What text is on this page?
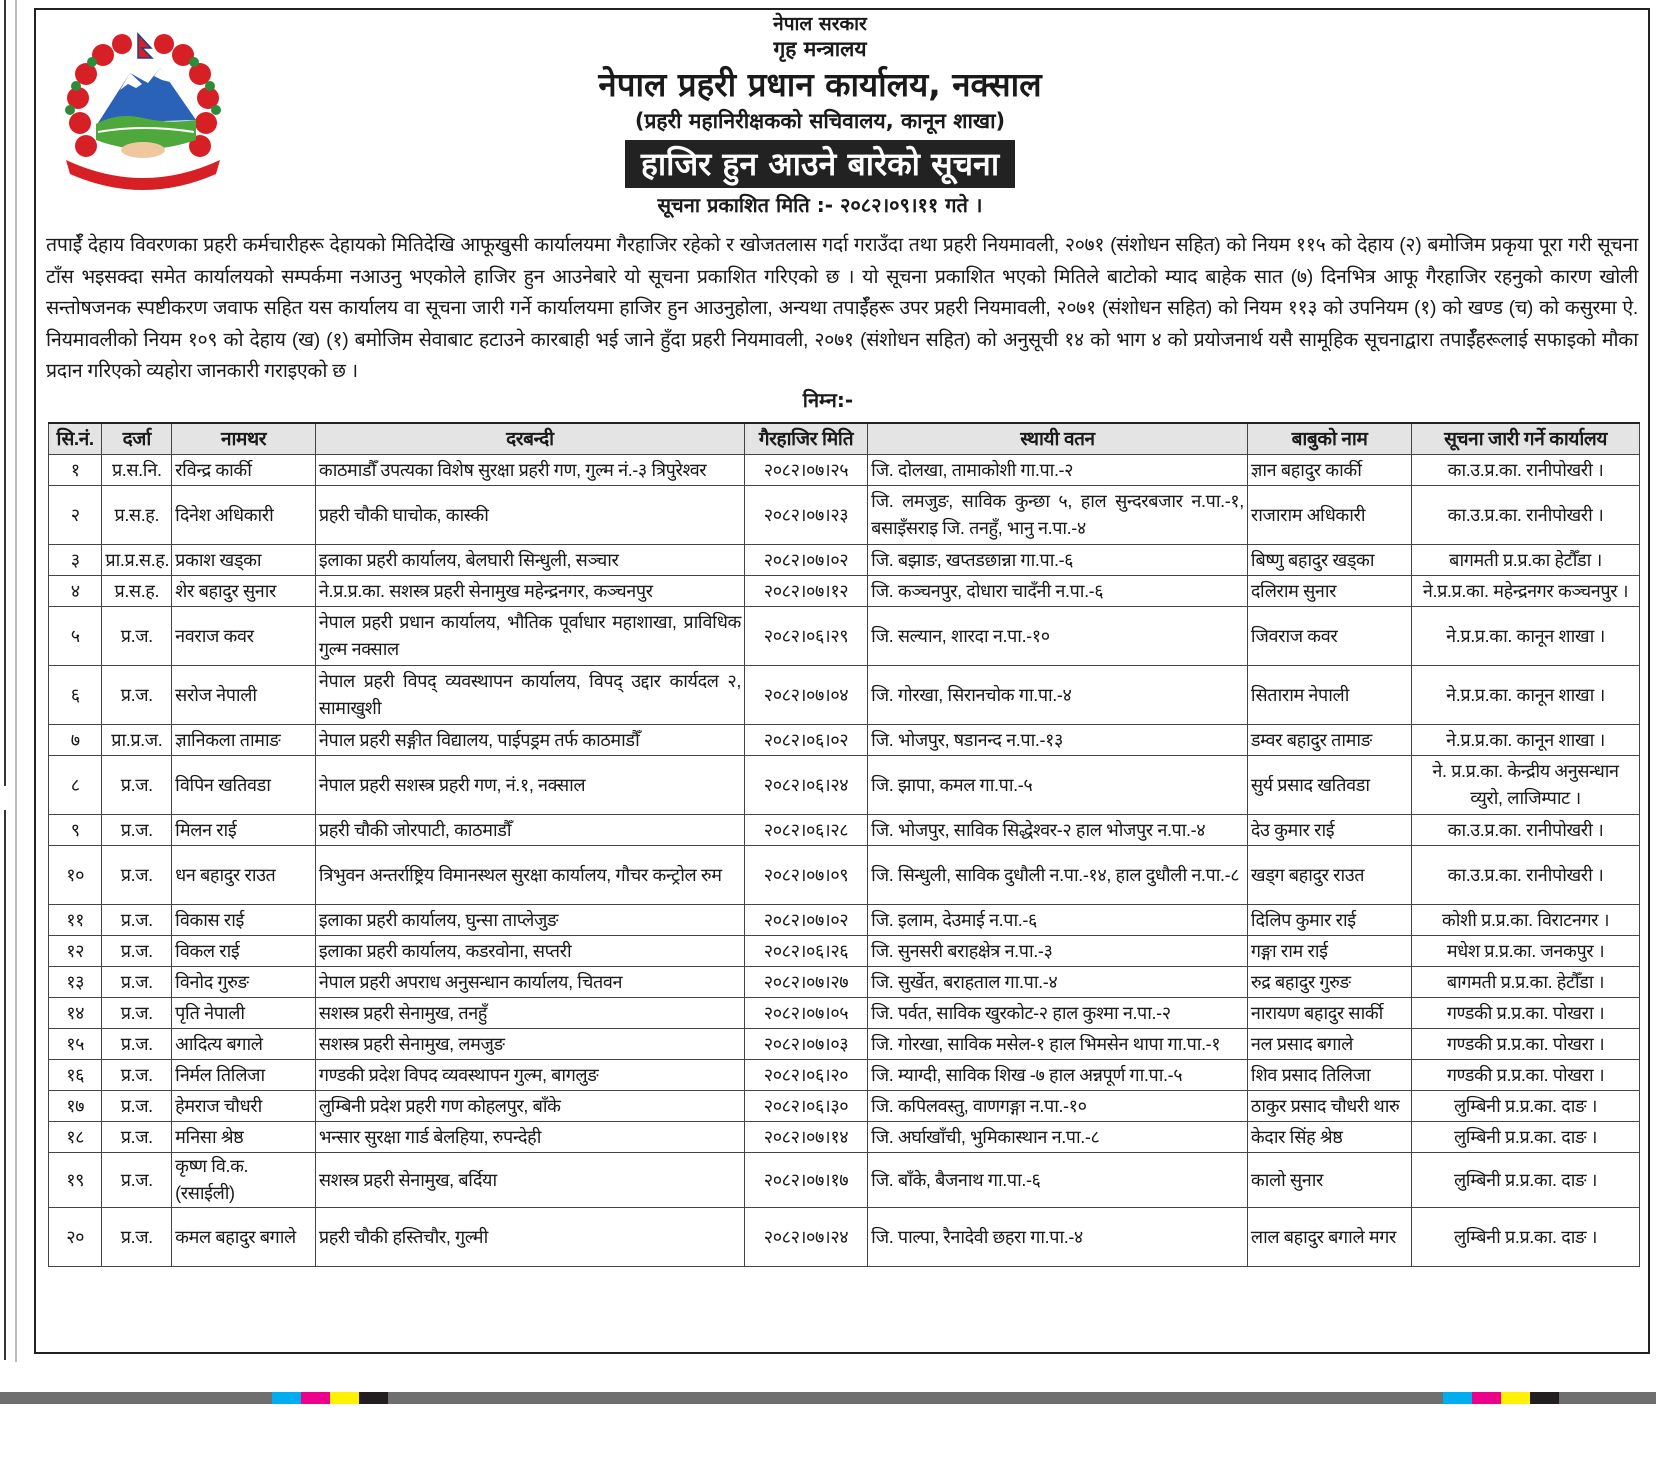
नेपाल सरकार
गृह मन्त्रालय
नेपाल प्रहरी प्रधान कार्यालय, नक्साल
(प्रहरी महानिरीक्षकको सचिवालय, कानून शाखा)
हाजिर हुन आउने बारेको सूचना
सूचना प्रकाशित मिति :- २०८२।०९।११ गते ।
तपाईँ देहाय विवरणका प्रहरी कर्मचारीहरू देहायको मितिदेखि आफूखुसी कार्यालयमा गैरहाजिर रहेको र खोजतलास गर्दा गराउँदा तथा प्रहरी नियमावली, २०७१ (संशोधन सहित) को नियम ११५ को देहाय (२) बमोजिम प्रकृया पूरा गरी सूचना टाँस भइसक्दा समेत कार्यालयको सम्पर्कमा नआउनु भएकोले हाजिर हुन आउनेबारे यो सूचना प्रकाशित गरिएको छ । यो सूचना प्रकाशित भएको मितिले बाटोको म्याद बाहेक सात (७) दिनभित्र आफू गैरहाजिर रहनुको कारण खोली सन्तोषजनक स्पष्टीकरण जवाफ सहित यस कार्यालय वा सूचना जारी गर्ने कार्यालयमा हाजिर हुन आउनुहोला, अन्यथा तपाईँहरू उपर प्रहरी नियमावली, २०७१ (संशोधन सहित) को नियम ११३ को उपनियम (१) को खण्ड (च) को कसुरमा ऐ. नियमावलीको नियम १०९ को देहाय (ख) (१) बमोजिम सेवाबाट हटाउने कारबाही भई जाने हुँदा प्रहरी नियमावली, २०७१ (संशोधन सहित) को अनुसूची १४ को भाग ४ को प्रयोजनार्थ यसै सामूहिक सूचनाद्वारा तपाईँहरूलाई सफाइको मौका प्रदान गरिएको व्यहोरा जानकारी गराइएको छ ।
निम्न:-
सि.नं.	दर्जा	नामथर	दरबन्दी	गैरहाजिर मिति	स्थायी वतन	बाबुको नाम	सूचना जारी गर्ने कार्यालय
१	प्र.स.नि.	रविन्द्र कार्की	काठमाडौँ उपत्यका विशेष सुरक्षा प्रहरी गण, गुल्म नं.-३ त्रिपुरेश्वर	२०८२।०७।२५	जि. दोलखा, तामाकोशी गा.पा.-२	ज्ञान बहादुर कार्की	का.उ.प्र.का. रानीपोखरी ।
२	प्र.स.ह.	दिनेश अधिकारी	प्रहरी चौकी घाचोक, कास्की	२०८२।०७।२३	जि. लमजुङ, साविक कुन्छा ५, हाल सुन्दरबजार न.पा.-१, बसाइँसराइ जि. तनहुँ, भानु न.पा.-४	राजाराम अधिकारी	का.उ.प्र.का. रानीपोखरी ।
३	प्रा.प्र.स.ह.	प्रकाश खड्का	इलाका प्रहरी कार्यालय, बेलघारी सिन्धुली, सञ्चार	२०८२।०७।०२	जि. बझाङ, खप्तडछान्ना गा.पा.-६	बिष्णु बहादुर खड्का	बागमती प्र.प्र.का हेटौँडा ।
४	प्र.स.ह.	शेर बहादुर सुनार	ने.प्र.प्र.का. सशस्त्र प्रहरी सेनामुख महेन्द्रनगर, कञ्चनपुर	२०८२।०७।१२	जि. कञ्चनपुर, दोधारा चादँनी न.पा.-६	दलिराम सुनार	ने.प्र.प्र.का. महेन्द्रनगर कञ्चनपुर ।
५	प्र.ज.	नवराज कवर	नेपाल प्रहरी प्रधान कार्यालय, भौतिक पूर्वाधार महाशाखा, प्राविधिक गुल्म नक्साल	२०८२।०६।२९	जि. सल्यान, शारदा न.पा.-१०	जिवराज कवर	ने.प्र.प्र.का. कानून शाखा ।
६	प्र.ज.	सरोज नेपाली	नेपाल प्रहरी विपद् व्यवस्थापन कार्यालय, विपद् उद्दार कार्यदल २, सामाखुशी	२०८२।०७।०४	जि. गोरखा, सिरानचोक गा.पा.-४	सिताराम नेपाली	ने.प्र.प्र.का. कानून शाखा ।
७	प्रा.प्र.ज.	ज्ञानिकला तामाङ	नेपाल प्रहरी सङ्गीत विद्यालय, पाईपड्रम तर्फ काठमाडौँ	२०८२।०६।०२	जि. भोजपुर, षडानन्द न.पा.-१३	डम्वर बहादुर तामाङ	ने.प्र.प्र.का. कानून शाखा ।
८	प्र.ज.	विपिन खतिवडा	नेपाल प्रहरी सशस्त्र प्रहरी गण, नं.१, नक्साल	२०८२।०६।२४	जि. झापा, कमल गा.पा.-५	सुर्य प्रसाद खतिवडा	ने. प्र.प्र.का. केन्द्रीय अनुसन्धान व्युरो, लाजिम्पाट ।
९	प्र.ज.	मिलन राई	प्रहरी चौकी जोरपाटी, काठमाडौँ	२०८२।०६।२८	जि. भोजपुर, साविक सिद्धेश्वर-२ हाल भोजपुर न.पा.-४	देउ कुमार राई	का.उ.प्र.का. रानीपोखरी ।
१०	प्र.ज.	धन बहादुर राउत	त्रिभुवन अन्तर्राष्ट्रिय विमानस्थल सुरक्षा कार्यालय, गौचर कन्ट्रोल रुम	२०८२।०७।०९	जि. सिन्धुली, साविक दुधौली न.पा.-१४, हाल दुधौली न.पा.-८	खड्ग बहादुर राउत	का.उ.प्र.का. रानीपोखरी ।
११	प्र.ज.	विकास राई	इलाका प्रहरी कार्यालय, घुन्सा ताप्लेजुङ	२०८२।०७।०२	जि. इलाम, देउमाई न.पा.-६	दिलिप कुमार राई	कोशी प्र.प्र.का. विराटनगर ।
१२	प्र.ज.	विकल राई	इलाका प्रहरी कार्यालय, कडरवोना, सप्तरी	२०८२।०६।२६	जि. सुनसरी बराहक्षेत्र न.पा.-३	गङ्गा राम राई	मधेश प्र.प्र.का. जनकपुर ।
१३	प्र.ज.	विनोद गुरुङ	नेपाल प्रहरी अपराध अनुसन्धान कार्यालय, चितवन	२०८२।०७।२७	जि. सुर्खेत, बराहताल गा.पा.-४	रुद्र बहादुर गुरुङ	बागमती प्र.प्र.का. हेटौँडा ।
१४	प्र.ज.	पृति नेपाली	सशस्त्र प्रहरी सेनामुख, तनहुँ	२०८२।०७।०५	जि. पर्वत, साविक खुरकोट-२ हाल कुश्मा न.पा.-२	नारायण बहादुर सार्की	गण्डकी प्र.प्र.का. पोखरा ।
१५	प्र.ज.	आदित्य बगाले	सशस्त्र प्रहरी सेनामुख, लमजुङ	२०८२।०७।०३	जि. गोरखा, साविक मसेल-१ हाल भिमसेन थापा गा.पा.-१	नल प्रसाद बगाले	गण्डकी प्र.प्र.का. पोखरा ।
१६	प्र.ज.	निर्मल तिलिजा	गण्डकी प्रदेश विपद व्यवस्थापन गुल्म, बागलुङ	२०८२।०६।२०	जि. म्याग्दी, साविक शिख -७ हाल अन्नपूर्ण गा.पा.-५	शिव प्रसाद तिलिजा	गण्डकी प्र.प्र.का. पोखरा ।
१७	प्र.ज.	हेमराज चौधरी	लुम्बिनी प्रदेश प्रहरी गण कोहलपुर, बाँके	२०८२।०६।३०	जि. कपिलवस्तु, वाणगङ्गा न.पा.-१०	ठाकुर प्रसाद चौधरी थारु	लुम्बिनी प्र.प्र.का. दाङ ।
१८	प्र.ज.	मनिसा श्रेष्ठ	भन्सार सुरक्षा गार्ड बेलहिया, रुपन्देही	२०८२।०७।१४	जि. अर्घाखाँची, भुमिकास्थान न.पा.-८	केदार सिंह श्रेष्ठ	लुम्बिनी प्र.प्र.का. दाङ ।
१९	प्र.ज.	कृष्ण वि.क. (रसाईली)	सशस्त्र प्रहरी सेनामुख, बर्दिया	२०८२।०७।१७	जि. बाँके, बैजनाथ गा.पा.-६	कालो सुनार	लुम्बिनी प्र.प्र.का. दाङ ।
२०	प्र.ज.	कमल बहादुर बगाले	प्रहरी चौकी हस्तिचौर, गुल्मी	२०८२।०७।२४	जि. पाल्पा, रैनादेवी छहरा गा.पा.-४	लाल बहादुर बगाले मगर	लुम्बिनी प्र.प्र.का. दाङ ।
